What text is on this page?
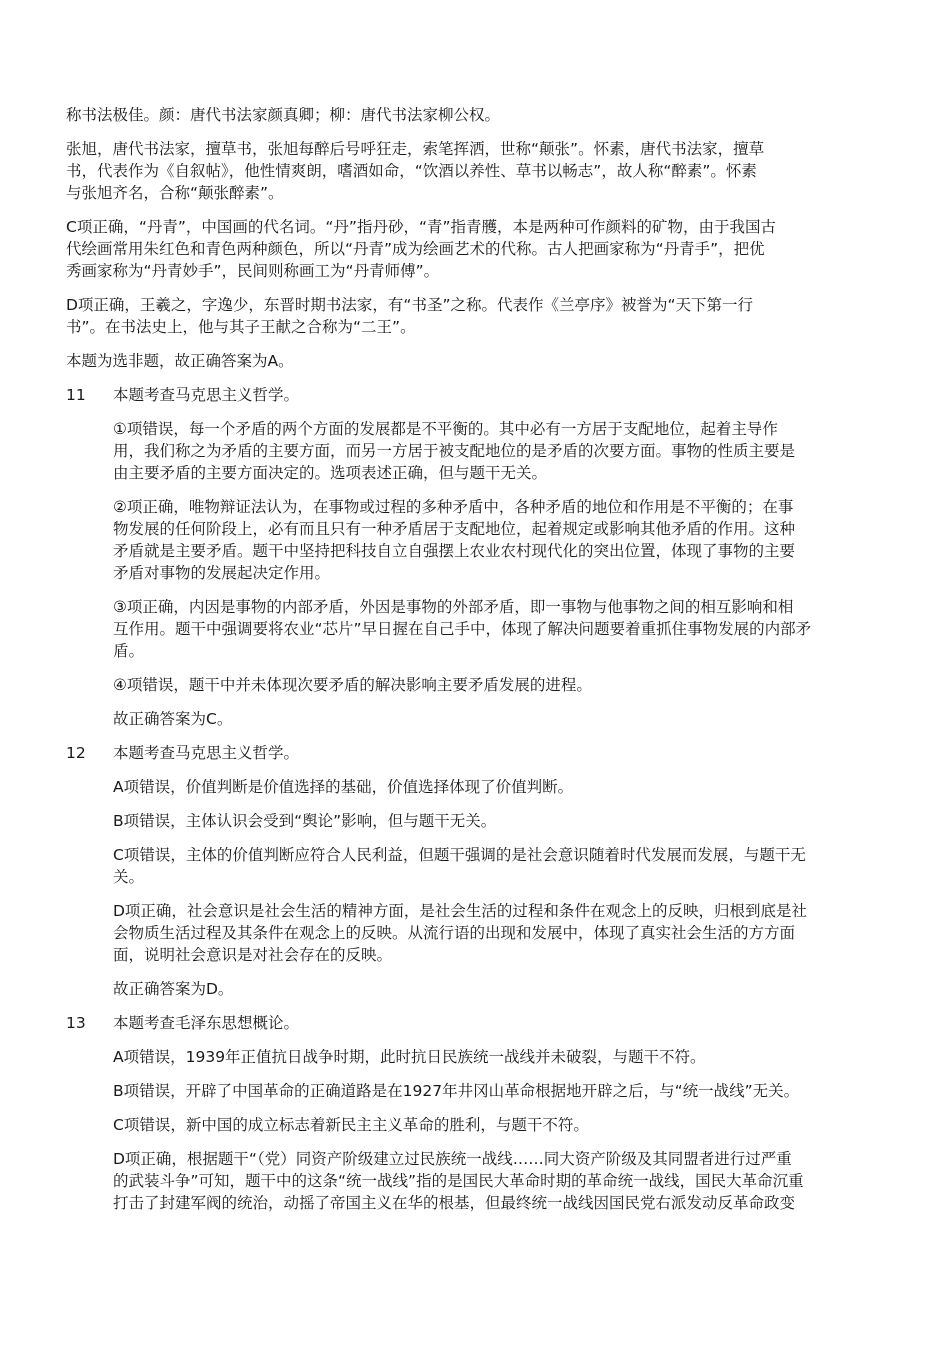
称书法极佳。颜：唐代书法家颜真卿；柳：唐代书法家柳公权。
张旭，唐代书法家，擅草书，张旭每醉后号呼狂走，索笔挥洒，世称“颠张”。怀素，唐代书法家，擅草
书，代表作为《自叙帖》，他性情爽朗，嗜酒如命，“饮酒以养性、草书以畅志”，故人称“醉素”。怀素
与张旭齐名，合称“颠张醉素”。
C项正确，“丹青”，中国画的代名词。“丹”指丹砂，“青”指青雘，本是两种可作颜料的矿物，由于我国古
代绘画常用朱红色和青色两种颜色，所以“丹青”成为绘画艺术的代称。古人把画家称为“丹青手”，把优
秀画家称为“丹青妙手”，民间则称画工为“丹青师傅”。
D项正确，王羲之，字逸少，东晋时期书法家，有“书圣”之称。代表作《兰亭序》被誉为“天下第一行
书”。在书法史上，他与其子王献之合称为“二王”。
本题为选非题，故正确答案为A。
11	本题考查马克思主义哲学。
①项错误，每一个矛盾的两个方面的发展都是不平衡的。其中必有一方居于支配地位，起着主导作
用，我们称之为矛盾的主要方面，而另一方居于被支配地位的是矛盾的次要方面。事物的性质主要是
由主要矛盾的主要方面决定的。选项表述正确，但与题干无关。
②项正确，唯物辩证法认为，在事物或过程的多种矛盾中，各种矛盾的地位和作用是不平衡的；在事
物发展的任何阶段上，必有而且只有一种矛盾居于支配地位，起着规定或影响其他矛盾的作用。这种
矛盾就是主要矛盾。题干中坚持把科技自立自强摆上农业农村现代化的突出位置，体现了事物的主要
矛盾对事物的发展起决定作用。
③项正确，内因是事物的内部矛盾，外因是事物的外部矛盾，即一事物与他事物之间的相互影响和相
互作用。题干中强调要将农业“芯片”早日握在自己手中，体现了解决问题要着重抓住事物发展的内部矛
盾。
④项错误，题干中并未体现次要矛盾的解决影响主要矛盾发展的进程。
故正确答案为C。
12	本题考查马克思主义哲学。
A项错误，价值判断是价值选择的基础，价值选择体现了价值判断。
B项错误，主体认识会受到“舆论”影响，但与题干无关。
C项错误，主体的价值判断应符合人民利益，但题干强调的是社会意识随着时代发展而发展，与题干无
关。
D项正确，社会意识是社会生活的精神方面，是社会生活的过程和条件在观念上的反映，归根到底是社
会物质生活过程及其条件在观念上的反映。从流行语的出现和发展中，体现了真实社会生活的方方面
面，说明社会意识是对社会存在的反映。
故正确答案为D。
13	本题考查毛泽东思想概论。
A项错误，1939年正值抗日战争时期，此时抗日民族统一战线并未破裂，与题干不符。
B项错误，开辟了中国革命的正确道路是在1927年井冈山革命根据地开辟之后，与“统一战线”无关。
C项错误，新中国的成立标志着新民主主义革命的胜利，与题干不符。
D项正确，根据题干“（党）同资产阶级建立过民族统一战线……同大资产阶级及其同盟者进行过严重
的武装斗争”可知，题干中的这条“统一战线”指的是国民大革命时期的革命统一战线，国民大革命沉重
打击了封建军阀的统治，动摇了帝国主义在华的根基，但最终统一战线因国民党右派发动反革命政变
